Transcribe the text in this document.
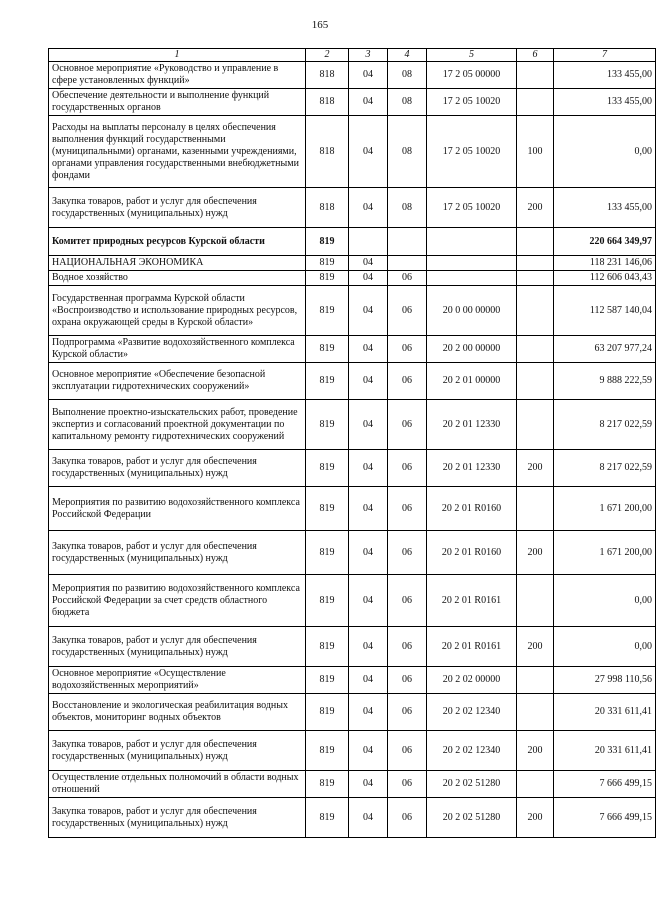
165
1	2	3	4	5	6	7
Основное мероприятие «Руководство и управление в сфере установленных функций»	818	04	08	17 2 05 00000		133 455,00
Обеспечение деятельности и выполнение функций государственных органов	818	04	08	17 2 05 10020		133 455,00
Расходы на выплаты персоналу в целях обеспечения выполнения функций государственными (муниципальными) органами, казенными учреждениями, органами управления государственными внебюджетными фондами	818	04	08	17 2 05 10020	100	0,00
Закупка товаров, работ и услуг для обеспечения государственных (муниципальных) нужд	818	04	08	17 2 05 10020	200	133 455,00
Комитет природных ресурсов Курской области	819					220 664 349,97
НАЦИОНАЛЬНАЯ ЭКОНОМИКА	819	04				118 231 146,06
Водное хозяйство	819	04	06			112 606 043,43
Государственная программа Курской области «Воспроизводство и использование природных ресурсов, охрана окружающей среды в Курской области»	819	04	06	20 0 00 00000		112 587 140,04
Подпрограмма «Развитие водохозяйственного комплекса Курской области»	819	04	06	20 2 00 00000		63 207 977,24
Основное мероприятие «Обеспечение безопасной эксплуатации гидротехнических сооружений»	819	04	06	20 2 01 00000		9 888 222,59
Выполнение проектно-изыскательских работ, проведение экспертиз и согласований проектной документации по капитальному ремонту гидротехнических сооружений	819	04	06	20 2 01 12330		8 217 022,59
Закупка товаров, работ и услуг для обеспечения государственных (муниципальных) нужд	819	04	06	20 2 01 12330	200	8 217 022,59
Мероприятия по развитию водохозяйственного комплекса Российской Федерации	819	04	06	20 2 01 R0160		1 671 200,00
Закупка товаров, работ и услуг для обеспечения государственных (муниципальных) нужд	819	04	06	20 2 01 R0160	200	1 671 200,00
Мероприятия по развитию водохозяйственного комплекса Российской Федерации за счет средств областного бюджета	819	04	06	20 2 01 R0161		0,00
Закупка товаров, работ и услуг для обеспечения государственных (муниципальных) нужд	819	04	06	20 2 01 R0161	200	0,00
Основное мероприятие «Осуществление водохозяйственных мероприятий»	819	04	06	20 2 02 00000		27 998 110,56
Восстановление и экологическая реабилитация водных объектов, мониторинг водных объектов	819	04	06	20 2 02 12340		20 331 611,41
Закупка товаров, работ и услуг для обеспечения государственных (муниципальных) нужд	819	04	06	20 2 02 12340	200	20 331 611,41
Осуществление отдельных полномочий в области водных отношений	819	04	06	20 2 02 51280		7 666 499,15
Закупка товаров, работ и услуг для обеспечения государственных (муниципальных) нужд	819	04	06	20 2 02 51280	200	7 666 499,15
